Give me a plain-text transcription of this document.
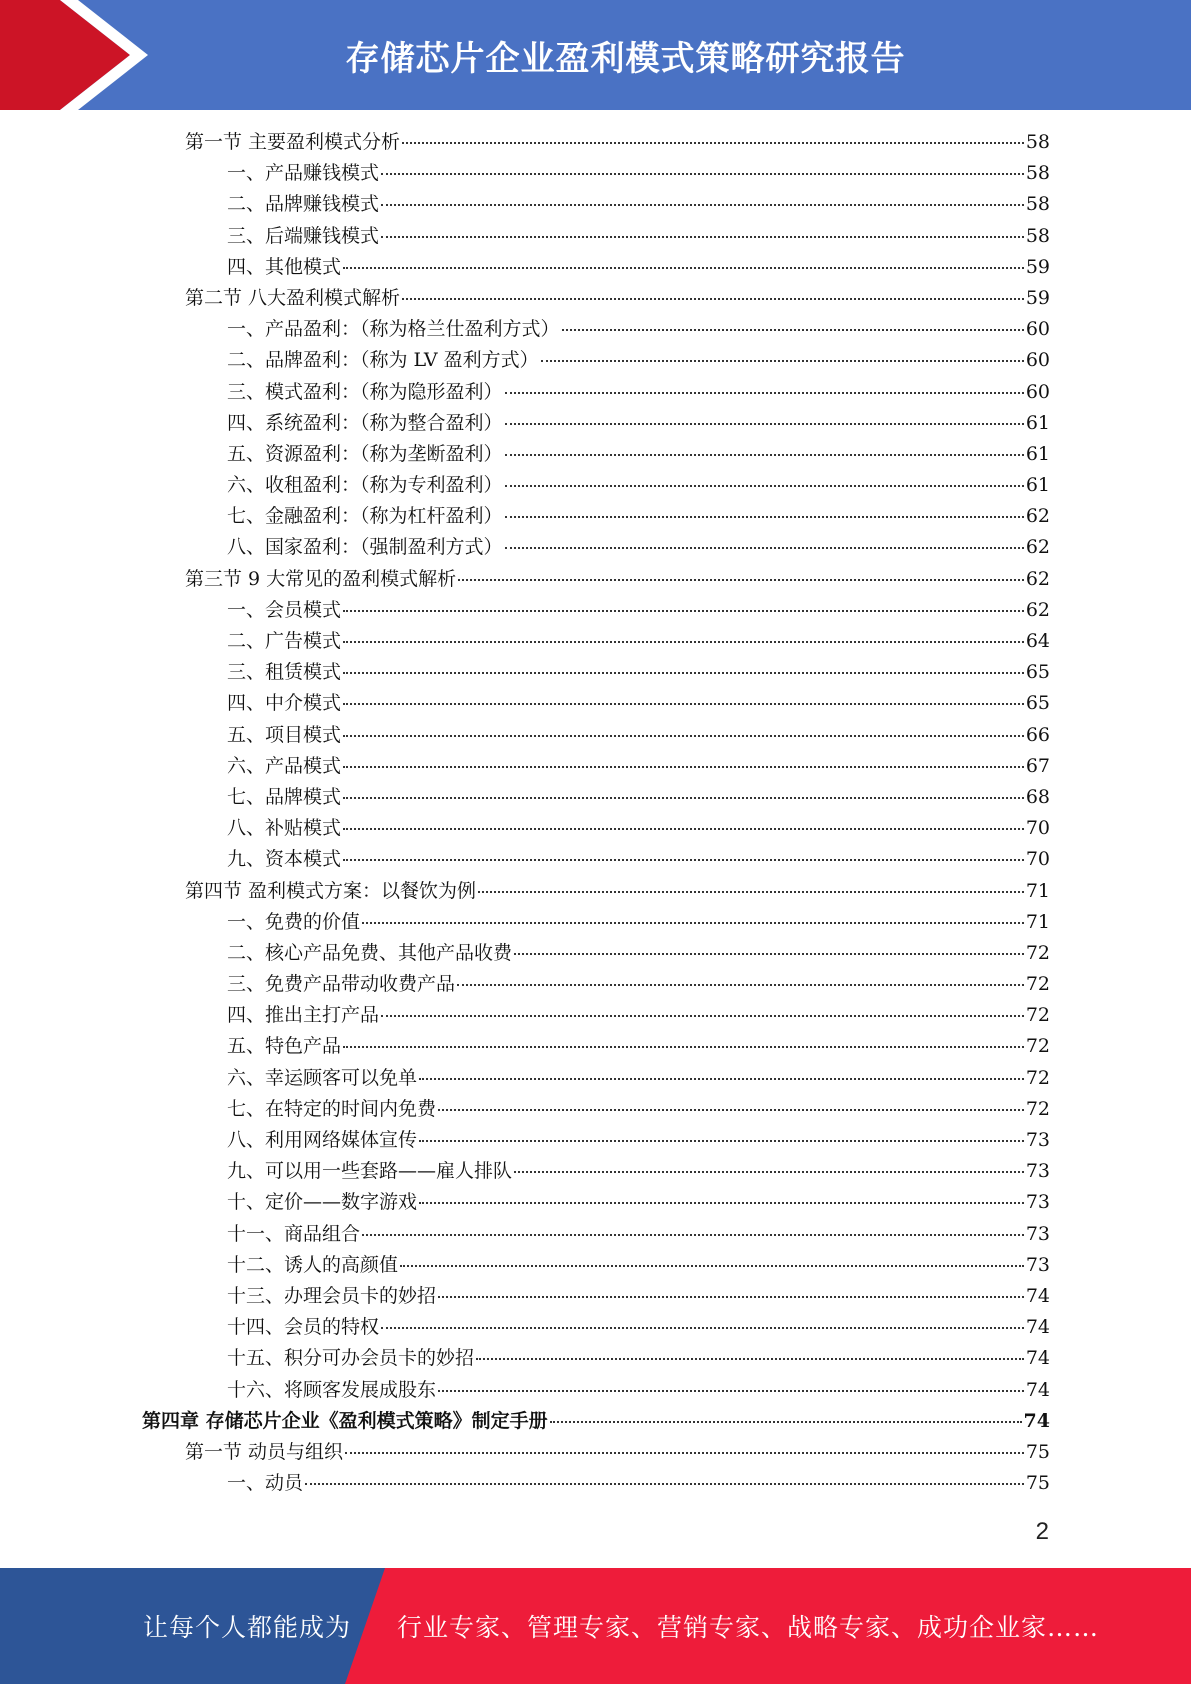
存储芯片企业盈利模式策略研究报告
第一节 主要盈利模式分析	58
一、产品赚钱模式	58
二、品牌赚钱模式	58
三、后端赚钱模式	58
四、其他模式	59
第二节 八大盈利模式解析	59
一、产品盈利：（称为格兰仕盈利方式）	60
二、品牌盈利：（称为 LV 盈利方式）	60
三、模式盈利：（称为隐形盈利）	60
四、系统盈利：（称为整合盈利）	61
五、资源盈利：（称为垄断盈利）	61
六、收租盈利：（称为专利盈利）	61
七、金融盈利：（称为杠杆盈利）	62
八、国家盈利：（强制盈利方式）	62
第三节 9 大常见的盈利模式解析	62
一、会员模式	62
二、广告模式	64
三、租赁模式	65
四、中介模式	65
五、项目模式	66
六、产品模式	67
七、品牌模式	68
八、补贴模式	70
九、资本模式	70
第四节 盈利模式方案：以餐饮为例	71
一、免费的价值	71
二、核心产品免费、其他产品收费	72
三、免费产品带动收费产品	72
四、推出主打产品	72
五、特色产品	72
六、幸运顾客可以免单	72
七、在特定的时间内免费	72
八、利用网络媒体宣传	73
九、可以用一些套路——雇人排队	73
十、定价——数字游戏	73
十一、商品组合	73
十二、诱人的高颜值	73
十三、办理会员卡的妙招	74
十四、会员的特权	74
十五、积分可办会员卡的妙招	74
十六、将顾客发展成股东	74
第四章 存储芯片企业《盈利模式策略》制定手册	74
第一节 动员与组织	75
一、动员	75
2
让每个人都能成为 行业专家、管理专家、营销专家、战略专家、成功企业家……
